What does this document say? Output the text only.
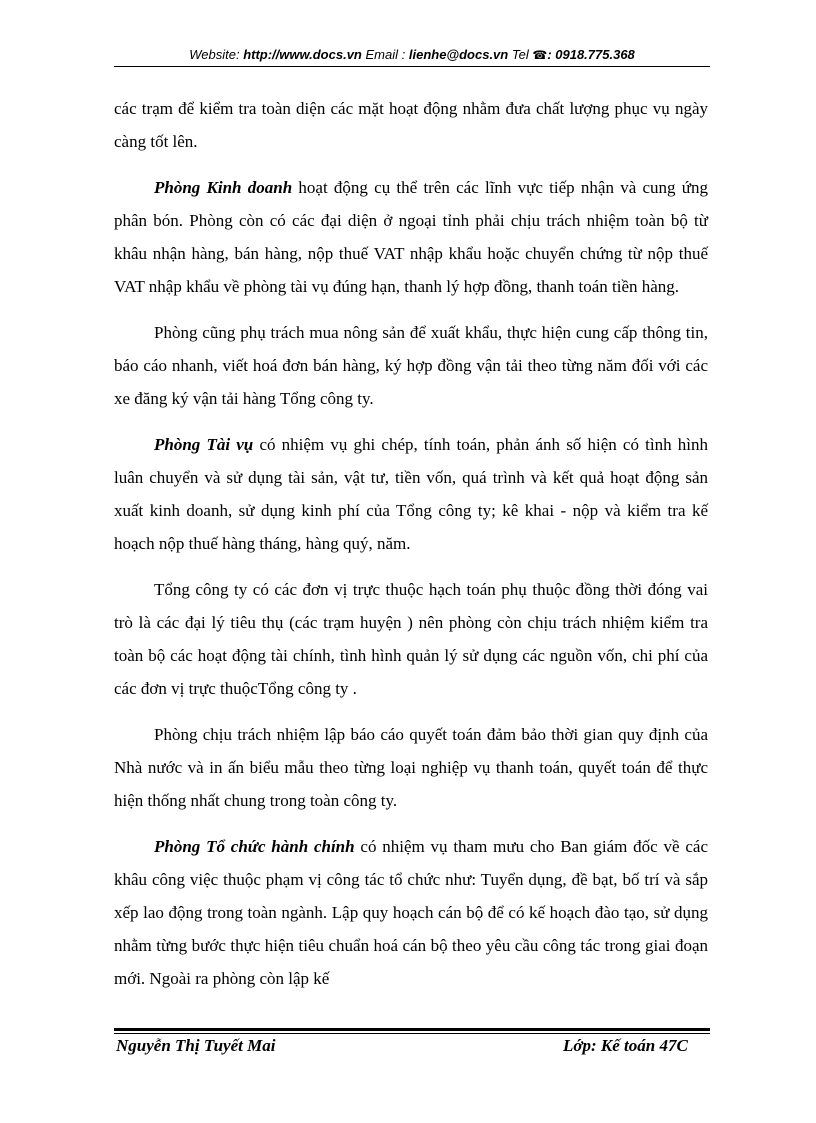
Website: http://www.docs.vn Email : lienhe@docs.vn Tel ☎: 0918.775.368

các trạm để kiểm tra toàn diện các mặt hoạt động nhằm đưa chất lượng phục vụ ngày càng tốt lên.

Phòng Kinh doanh hoạt động cụ thể trên các lĩnh vực tiếp nhận và cung ứng phân bón. Phòng còn có các đại diện ở ngoại tỉnh phải chịu trách nhiệm toàn bộ từ khâu nhận hàng, bán hàng, nộp thuế VAT nhập khẩu hoặc chuyển chứng từ nộp thuế VAT nhập khẩu về phòng tài vụ đúng hạn, thanh lý hợp đồng, thanh toán tiền hàng.

Phòng cũng phụ trách mua nông sản để xuất khẩu, thực hiện cung cấp thông tin, báo cáo nhanh, viết hoá đơn bán hàng, ký hợp đồng vận tải theo từng năm đối với các xe đăng ký vận tải hàng Tổng công ty.

Phòng Tài vụ có nhiệm vụ ghi chép, tính toán, phản ánh số hiện có tình hình luân chuyển và sử dụng tài sản, vật tư, tiền vốn, quá trình và kết quả hoạt động sản xuất kinh doanh, sử dụng kinh phí của Tổng công ty; kê khai - nộp và kiểm tra kế hoạch nộp thuế hàng tháng, hàng quý, năm.

Tổng công ty có các đơn vị trực thuộc hạch toán phụ thuộc đồng thời đóng vai trò là các đại lý tiêu thụ (các trạm huyện ) nên phòng còn chịu trách nhiệm kiểm tra toàn bộ các hoạt động tài chính, tình hình quản lý sử dụng các nguồn vốn, chi phí của các đơn vị trực thuộcTổng công ty .

Phòng chịu trách nhiệm lập báo cáo quyết toán đảm bảo thời gian quy định của Nhà nước và in ấn biểu mẫu theo từng loại nghiệp vụ thanh toán, quyết toán để thực hiện thống nhất chung trong toàn công ty.

Phòng Tổ chức hành chính có nhiệm vụ tham mưu cho Ban giám đốc về các khâu công việc thuộc phạm vị công tác tổ chức như: Tuyển dụng, đề bạt, bố trí và sắp xếp lao động trong toàn ngành. Lập quy hoạch cán bộ để có kế hoạch đào tạo, sử dụng nhằm từng bước thực hiện tiêu chuẩn hoá cán bộ theo yêu cầu công tác trong giai đoạn mới. Ngoài ra phòng còn lập kế

Nguyễn Thị Tuyết Mai	Lớp: Kế toán 47C
